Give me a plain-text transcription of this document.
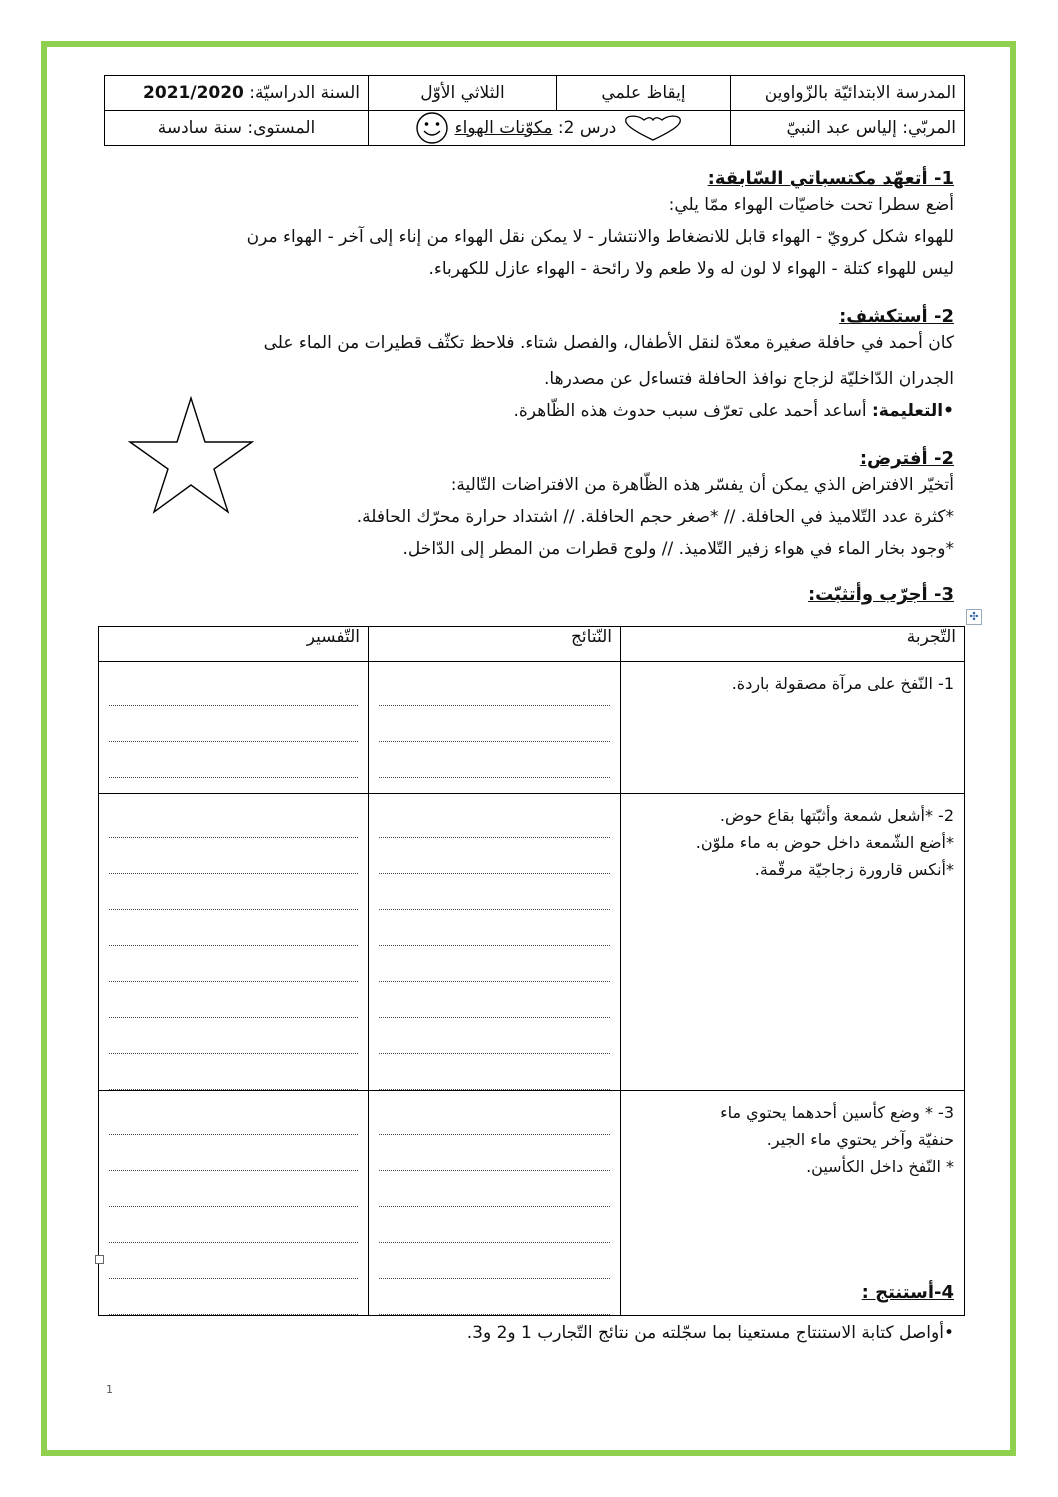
المدرسة الابتدائيّة بالزّواوين	إيقاظ علمي	الثلاثي الأوّل	السنة الدراسيّة: 2021/2020
المربّي: إلياس عبد النبيّ	درس 2: مكوّنات الهواء		المستوى: سنة سادسة
1- أتعهّد مكتسباتي السّابقة:

أضع سطرا تحت خاصيّات الهواء ممّا يلي:

للهواء شكل كرويّ - الهواء قابل للانضغاط والانتشار - لا يمكن نقل الهواء من إناء إلى آخر - الهواء مرن

ليس للهواء كتلة - الهواء لا لون له ولا طعم ولا رائحة - الهواء عازل للكهرباء.

2- أستكشف:

كان أحمد في حافلة صغيرة معدّة لنقل الأطفال، والفصل شتاء. فلاحظ تكثّف قطيرات من الماء على

الجدران الدّاخليّة لزجاج نوافذ الحافلة فتساءل عن مصدرها.

•التعليمة: أساعد أحمد على تعرّف سبب حدوث هذه الظّاهرة.

2- أفترض:

أتخيّر الافتراض الذي يمكن أن يفسّر هذه الظّاهرة من الافتراضات التّالية:

*كثرة عدد التّلاميذ في الحافلة. // *صغر حجم الحافلة. // اشتداد حرارة محرّك الحافلة.

*وجود بخار الماء في هواء زفير التّلاميذ. // ولوج قطرات من المطر إلى الدّاخل.

3- أجرّب وأتثبّت:
✣
التّجربة	النّتائج	التّفسير

1- النّفخ على مرآة مصقولة باردة.		

2- *أشعل شمعة وأثبّتها بقاع حوض.
*أضع الشّمعة داخل حوض به ماء ملوّن.
*أنكس قارورة زجاجيّة مرقّمة.		

3- * وضع كأسين أحدهما يحتوي ماء
حنفيّة وآخر يحتوي ماء الجير.
* النّفخ داخل الكأسين.		

4-أستنتج :

•أواصل كتابة الاستنتاج مستعينا بما سجّلته من نتائج التّجارب 1 و2 و3.

1
